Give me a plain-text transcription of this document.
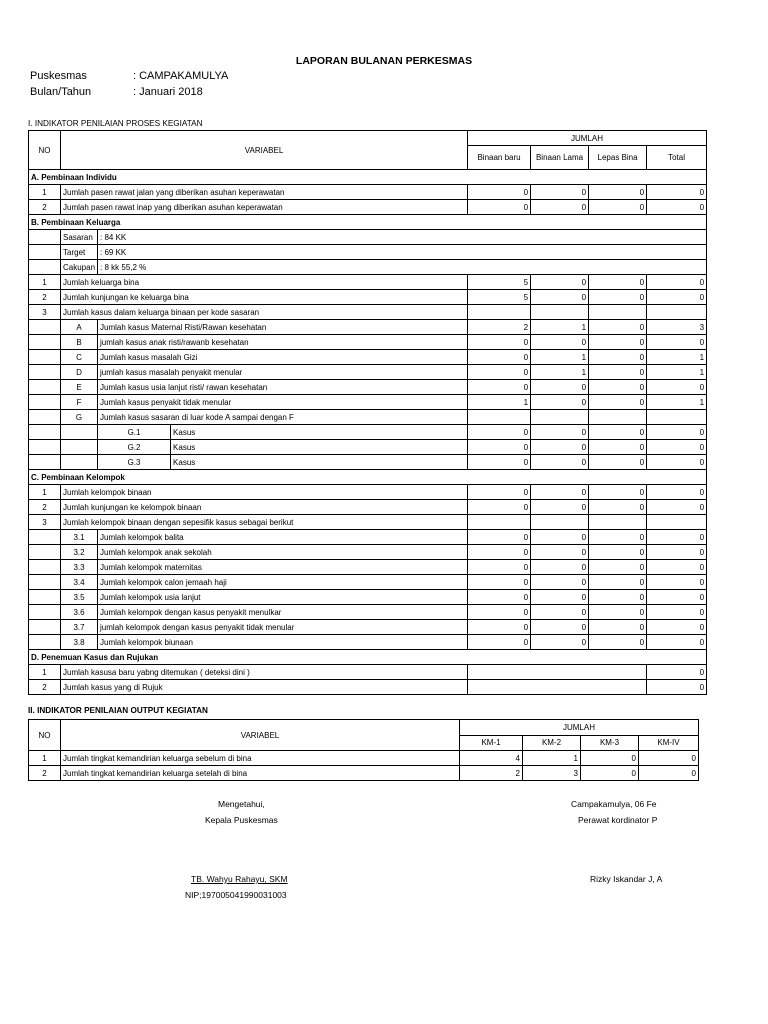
LAPORAN BULANAN PERKESMAS
Puskesmas	: CAMPAKAMULYA
Bulan/Tahun	: Januari 2018
I. INDIKATOR PENILAIAN PROSES KEGIATAN
NO	VARIABEL			JUMLAH			
				Binaan baru	Binaan Lama	Lepas Bina	Total
A. Pembinaan Individu							
1	Jumlah pasen rawat jalan yang diberikan asuhan keperawatan			0	0	0	0
2	Jumlah pasen rawat inap yang diberikan asuhan keperawatan			0	0	0	0
B. Pembinaan Keluarga							
	Sasaran	: 84 KK					
	Target	: 69 KK					
	Cakupan	: 8 kk 55,2 %					
1	Jumlah keluarga bina			5	0	0	0
2	Jumlah kunjungan ke keluarga bina			5	0	0	0
3	Jumlah kasus dalam keluarga binaan per kode sasaran						
	A	Jumlah kasus Maternal Risti/Rawan kesehatan		2	1	0	3
	B	jumlah kasus anak risti/rawanb kesehatan		0	0	0	0
	C	Jumlah kasus masalah Gizi		0	1	0	1
	D	jumlah kasus masalah penyakit menular		0	1	0	1
	E	Jumlah kasus usia lanjut risti/ rawan kesehatan		0	0	0	0
	F	Jumlah kasus penyakit tidak menular		1	0	0	1
	G	Jumlah kasus sasaran di luar kode A sampai dengan F					
		G.1	Kasus	0	0	0	0
		G.2	Kasus	0	0	0	0
		G.3	Kasus	0	0	0	0
C. Pembinaan Kelompok							
1	Jumlah kelompok binaan			0	0	0	0
2	Jumlah kunjungan ke kelompok binaan			0	0	0	0
3	Jumlah kelompok binaan dengan sepesifik kasus sebagai berikut						
	3.1	Jumlah kelompok balita		0	0	0	0
	3.2	Jumlah kelompok anak sekolah		0	0	0	0
	3.3	Jumlah kelompok maternitas		0	0	0	0
	3.4	Jumlah kelompok calon jemaah haji		0	0	0	0
	3.5	Jumlah kelompok usia lanjut		0	0	0	0
	3.6	Jumlah kelompok dengan kasus penyakit menulkar		0	0	0	0
	3.7	jumlah kelompok dengan kasus penyakit tidak menular		0	0	0	0
	3.8	Jumlah kelompok biunaan		0	0	0	0
D. Penemuan Kasus dan Rujukan							
1	Jumlah kasusa baru yabng ditemukan ( deteksi dini )						0
2	Jumlah kasus yang di Rujuk						0
II. INDIKATOR PENILAIAN OUTPUT KEGIATAN
NO	VARIABEL	JUMLAH			
		KM-1	KM-2	KM-3	KM-IV
1	Jumlah tingkat kemandirian keluarga sebelum di bina	4	1	0	0
2	Jumlah tingkat kemandirian keluarga setelah di bina	2	3	0	0
Mengetahui,
Kepala Puskesmas
TB. Wahyu Rahayu, SKM
NIP;197005041990031003
Campakamulya, 06 Fe
Perawat kordinator P
Rizky Iskandar J, A
